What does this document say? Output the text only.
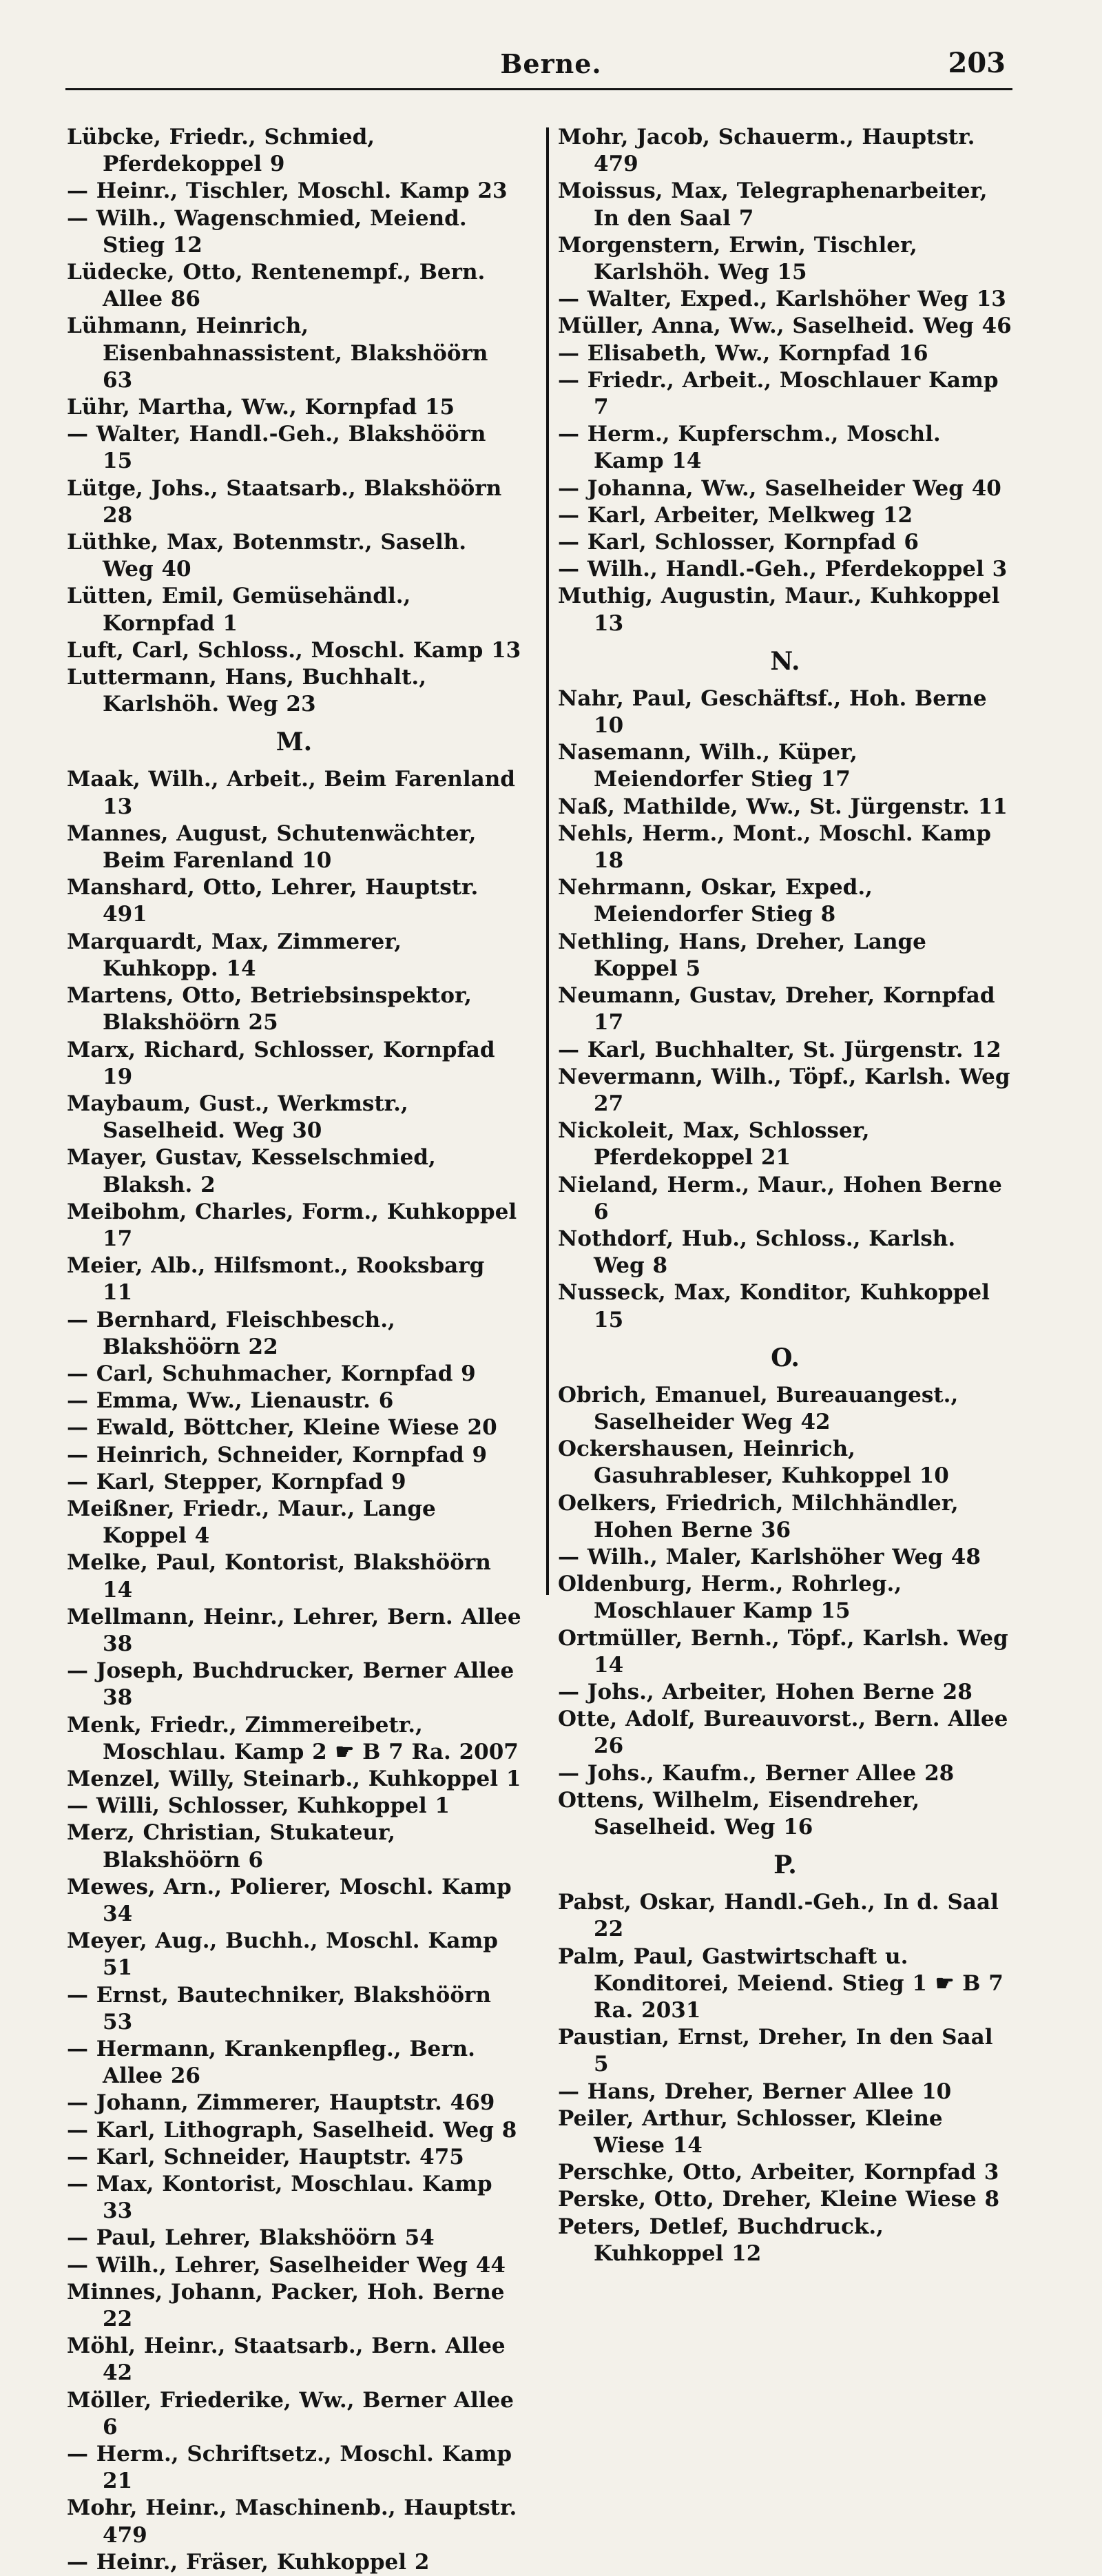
Berne.	203
Lübcke, Friedr., Schmied, Pferdekoppel 9
— Heinr., Tischler, Moschl. Kamp 23
— Wilh., Wagenschmied, Meiend. Stieg 12
Lüdecke, Otto, Rentenempf., Bern. Allee 86
Lühmann, Heinrich, Eisenbahnassistent, Blakshöörn 63
Lühr, Martha, Ww., Kornpfad 15
— Walter, Handl.-Geh., Blakshöörn 15
Lütge, Johs., Staatsarb., Blakshöörn 28
Lüthke, Max, Botenmstr., Saselh. Weg 40
Lütten, Emil, Gemüsehändl., Kornpfad 1
Luft, Carl, Schloss., Moschl. Kamp 13
Luttermann, Hans, Buchhalt., Karlshöh. Weg 23
M.
Maak, Wilh., Arbeit., Beim Farenland 13
Mannes, August, Schutenwächter, Beim Farenland 10
Manshard, Otto, Lehrer, Hauptstr. 491
Marquardt, Max, Zimmerer, Kuhkopp. 14
Martens, Otto, Betriebsinspektor, Blakshöörn 25
Marx, Richard, Schlosser, Kornpfad 19
Maybaum, Gust., Werkmstr., Saselheid. Weg 30
Mayer, Gustav, Kesselschmied, Blaksh. 2
Meibohm, Charles, Form., Kuhkoppel 17
Meier, Alb., Hilfsmont., Rooksbarg 11
— Bernhard, Fleischbesch., Blakshöörn 22
— Carl, Schuhmacher, Kornpfad 9
— Emma, Ww., Lienaustr. 6
— Ewald, Böttcher, Kleine Wiese 20
— Heinrich, Schneider, Kornpfad 9
— Karl, Stepper, Kornpfad 9
Meißner, Friedr., Maur., Lange Koppel 4
Melke, Paul, Kontorist, Blakshöörn 14
Mellmann, Heinr., Lehrer, Bern. Allee 38
— Joseph, Buchdrucker, Berner Allee 38
Menk, Friedr., Zimmereibetr., Moschlau. Kamp 2 ☛ B 7 Ra. 2007
Menzel, Willy, Steinarb., Kuhkoppel 1
— Willi, Schlosser, Kuhkoppel 1
Merz, Christian, Stukateur, Blakshöörn 6
Mewes, Arn., Polierer, Moschl. Kamp 34
Meyer, Aug., Buchh., Moschl. Kamp 51
— Ernst, Bautechniker, Blakshöörn 53
— Hermann, Krankenpfleg., Bern. Allee 26
— Johann, Zimmerer, Hauptstr. 469
— Karl, Lithograph, Saselheid. Weg 8
— Karl, Schneider, Hauptstr. 475
— Max, Kontorist, Moschlau. Kamp 33
— Paul, Lehrer, Blakshöörn 54
— Wilh., Lehrer, Saselheider Weg 44
Minnes, Johann, Packer, Hoh. Berne 22
Möhl, Heinr., Staatsarb., Bern. Allee 42
Möller, Friederike, Ww., Berner Allee 6
— Herm., Schriftsetz., Moschl. Kamp 21
Mohr, Heinr., Maschinenb., Hauptstr. 479
— Heinr., Fräser, Kuhkoppel 2
Mohr, Jacob, Schauerm., Hauptstr. 479
Moissus, Max, Telegraphenarbeiter, In den Saal 7
Morgenstern, Erwin, Tischler, Karlshöh. Weg 15
— Walter, Exped., Karlshöher Weg 13
Müller, Anna, Ww., Saselheid. Weg 46
— Elisabeth, Ww., Kornpfad 16
— Friedr., Arbeit., Moschlauer Kamp 7
— Herm., Kupferschm., Moschl. Kamp 14
— Johanna, Ww., Saselheider Weg 40
— Karl, Arbeiter, Melkweg 12
— Karl, Schlosser, Kornpfad 6
— Wilh., Handl.-Geh., Pferdekoppel 3
Muthig, Augustin, Maur., Kuhkoppel 13
N.
Nahr, Paul, Geschäftsf., Hoh. Berne 10
Nasemann, Wilh., Küper, Meiendorfer Stieg 17
Naß, Mathilde, Ww., St. Jürgenstr. 11
Nehls, Herm., Mont., Moschl. Kamp 18
Nehrmann, Oskar, Exped., Meiendorfer Stieg 8
Nethling, Hans, Dreher, Lange Koppel 5
Neumann, Gustav, Dreher, Kornpfad 17
— Karl, Buchhalter, St. Jürgenstr. 12
Nevermann, Wilh., Töpf., Karlsh. Weg 27
Nickoleit, Max, Schlosser, Pferdekoppel 21
Nieland, Herm., Maur., Hohen Berne 6
Nothdorf, Hub., Schloss., Karlsh. Weg 8
Nusseck, Max, Konditor, Kuhkoppel 15
O.
Obrich, Emanuel, Bureauangest., Saselheider Weg 42
Ockershausen, Heinrich, Gasuhrableser, Kuhkoppel 10
Oelkers, Friedrich, Milchhändler, Hohen Berne 36
— Wilh., Maler, Karlshöher Weg 48
Oldenburg, Herm., Rohrleg., Moschlauer Kamp 15
Ortmüller, Bernh., Töpf., Karlsh. Weg 14
— Johs., Arbeiter, Hohen Berne 28
Otte, Adolf, Bureauvorst., Bern. Allee 26
— Johs., Kaufm., Berner Allee 28
Ottens, Wilhelm, Eisendreher, Saselheid. Weg 16
P.
Pabst, Oskar, Handl.-Geh., In d. Saal 22
Palm, Paul, Gastwirtschaft u. Konditorei, Meiend. Stieg 1 ☛ B 7 Ra. 2031
Paustian, Ernst, Dreher, In den Saal 5
— Hans, Dreher, Berner Allee 10
Peiler, Arthur, Schlosser, Kleine Wiese 14
Perschke, Otto, Arbeiter, Kornpfad 3
Perske, Otto, Dreher, Kleine Wiese 8
Peters, Detlef, Buchdruck., Kuhkoppel 12
